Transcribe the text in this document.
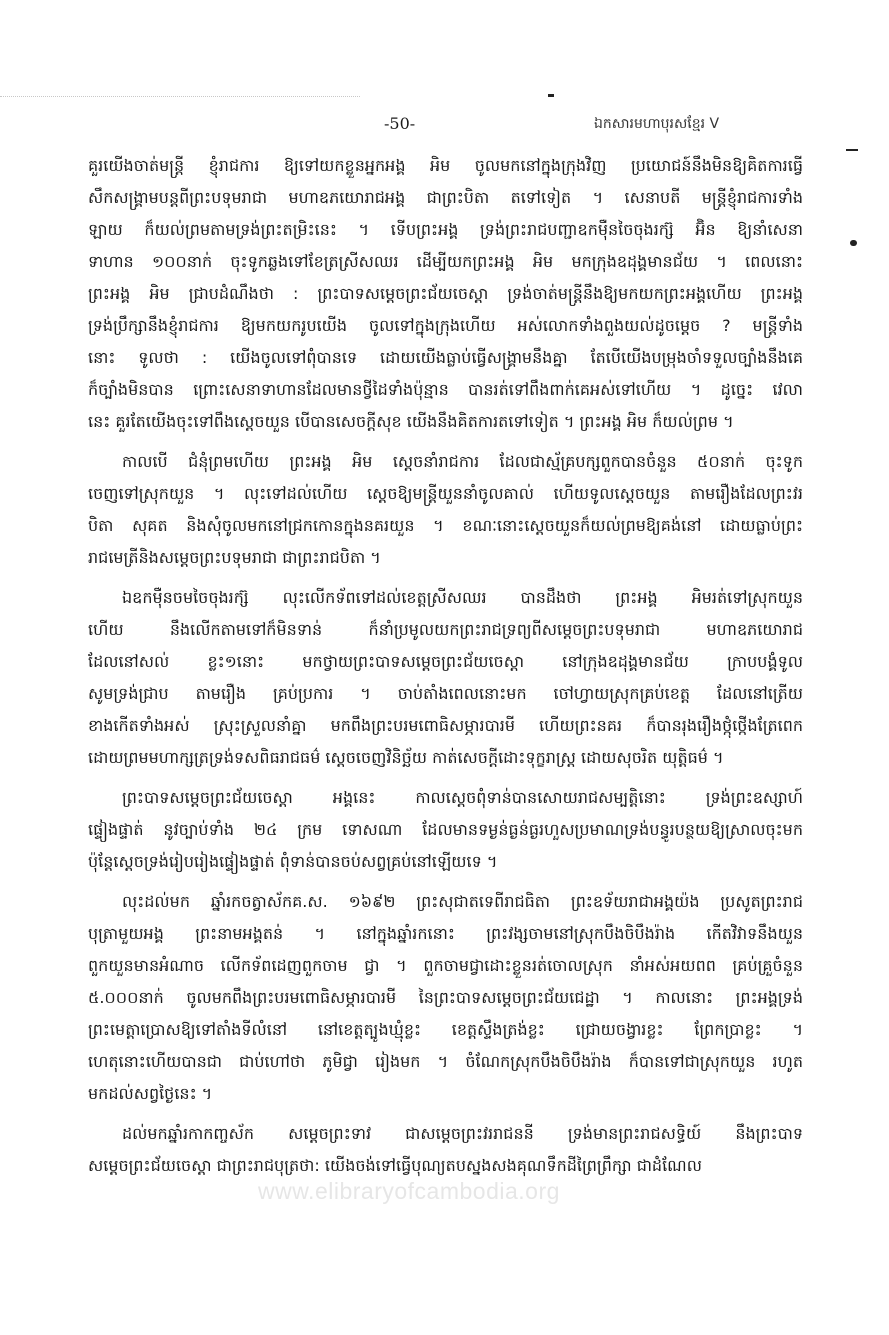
-50-	ឯកសារមហាបុរសខ្មែរ V
គួរយើងចាត់មន្ត្រី ខ្ញុំរាជការ ឱ្យទៅយកខ្លួនអ្នកអង្គ អិម ចូលមកនៅក្នុងក្រុងវិញ ប្រយោជន៍នឹងមិនឱ្យគិតការធ្វើ
សឹកសង្គ្រាមបន្តពីព្រះបទុមរាជា មហាឧភយោរាជអង្គ ជាព្រះបិតា តទៅទៀត ។ សេនាបតី មន្ត្រីខ្ញុំរាជការទាំង
ឡាយ ក៏យល់ព្រមតាមទ្រង់ព្រះតម្រិះនេះ ។ ទើបព្រះអង្គ ទ្រង់ព្រះរាជបញ្ជាឧកម៉ឺនចៃចុងរក្ស៊ អ៊ិន ឱ្យនាំសេនា
ទាហាន ១០០នាក់ ចុះទូកឆ្លងទៅខែត្រស្រីសឈរ ដើម្បីយកព្រះអង្គ អិម មកក្រុងឧដុង្គមានជ័យ ។ ពេលនោះ
ព្រះអង្គ អិម ជ្រាបដំណឹងថា : ព្រះបាទសម្តេចព្រះជ័យចេស្តា ទ្រង់ចាត់មន្ត្រីនឹងឱ្យមកយកព្រះអង្គហើយ ព្រះអង្គ
ទ្រង់ប្រឹក្សានឹងខ្ញុំរាជការ ឱ្យមកយករូបយើង ចូលទៅក្នុងក្រុងហើយ អស់លោកទាំងពួងយល់ដូចម្តេច ? មន្ត្រីទាំង
នោះ ទូលថា : យើងចូលទៅពុំបានទេ ដោយយើងធ្លាប់ធ្វើសង្គ្រាមនឹងគ្នា តែបើយើងបម្រុងចាំទទួលច្បាំងនឹងគេ
ក៏ច្បាំងមិនបាន ព្រោះសេនាទាហានដែលមានថ្វីដៃទាំងប៉ុន្មាន បានរត់ទៅពឹងពាក់គេអស់ទៅហើយ ។ ដូច្នេះ វេលា
នេះ គួរតែយើងចុះទៅពឹងស្តេចយួន បើបានសេចក្តីសុខ យើងនឹងគិតការតទៅទៀត ។ ព្រះអង្គ អិម ក៏យល់ព្រម ។
កាលបើ ជំនុំព្រមហើយ ព្រះអង្គ អិម ស្តេចនាំរាជការ ដែលជាស្ម័គ្របក្សពួកបានចំនួន ៥០នាក់ ចុះទូក
ចេញទៅស្រុកយួន ។ លុះទៅដល់ហើយ ស្តេចឱ្យមន្ត្រីយួននាំចូលគាល់ ហើយទូលស្តេចយួន តាមរឿងដែលព្រះវរ
បិតា សុគត និងសុំចូលមកនៅជ្រកកោនក្នុងនគរយួន ។ ខណៈនោះស្តេចយួនក៏យល់ព្រមឱ្យគង់នៅ ដោយធ្លាប់ព្រះ
រាជមេត្រីនិងសម្តេចព្រះបទុមរាជា ជាព្រះរាជបិតា ។
ឯឧកម៉ឺនចមចៃចុងរក្ស៊ លុះលើកទ័ពទៅដល់ខេត្តស្រីសឈរ បានដឹងថា ព្រះអង្គ អិមរត់ទៅស្រុកយួន
ហើយ នឹងលើកតាមទៅក៏មិនទាន់ ក៏នាំប្រមូលយកព្រះរាជទ្រព្យពីសម្តេចព្រះបទុមរាជា មហាឧភយោរាជ
ដែលនៅសល់ ខ្លះ១នោះ មកថ្វាយព្រះបាទសម្តេចព្រះជ័យចេស្តា នៅក្រុងឧដុង្គមានជ័យ ក្រាបបង្គំទូល
សូមទ្រង់ជ្រាប តាមរឿង គ្រប់ប្រការ ។ ចាប់តាំងពេលនោះមក ចៅហ្វាយស្រុកគ្រប់ខេត្ត ដែលនៅត្រើយ
ខាងកើតទាំងអស់ ស្រុះស្រួលនាំគ្នា មកពឹងព្រះបរមពោធិសម្ភារបារមី ហើយព្រះនគរ ក៏បានរុងរឿងថ្កុំថ្កើងត្រែពេក
ដោយព្រមមហាក្សត្រទ្រង់ទសពិធរាជធម៌ ស្តេចចេញវិនិច្ឆ័យ កាត់សេចក្តីដោះទុក្ខរាស្ត្រ ដោយសុចរិត យុត្តិធម៌ ។
ព្រះបាទសម្តេចព្រះជ័យចេស្តា អង្គនេះ កាលស្តេចពុំទាន់បានសោយរាជសម្បត្តិនោះ ទ្រង់ព្រះឧស្សាហ៍
ផ្ទៀងផ្ទាត់ នូវច្បាប់ទាំង ២៤ ក្រម ទោសណា ដែលមានទម្ងន់ធ្ងន់ធ្ងរហួសប្រមាណទ្រង់បន្ធូរបន្ថយឱ្យស្រាលចុះមក
ប៉ុន្តែស្តេចទ្រង់រៀបរៀងផ្ទៀងផ្ទាត់ ពុំទាន់បានចប់សព្វគ្រប់នៅឡើយទេ ។
លុះដល់មក ឆ្នាំរកចត្វាស័កគ.ស. ១៦៩២ ព្រះសុជាតទេពីរាជធិតា ព្រះឧទ័យរាជាអង្គយ៉ង ប្រសូតព្រះរាជ
បុត្រាមួយអង្គ ព្រះនាមអង្គតន់ ។ នៅក្នុងឆ្នាំរកនោះ ព្រះវង្សចាមនៅស្រុកបឹងចិបឹងរ៉ាង កើតវិវាទនឹងយួន
ពួកយួនមានអំណាច លើកទ័ពដេញពួកចាម ជ្វា ។ ពួកចាមជ្វាដោះខ្លួនរត់ចោលស្រុក នាំអស់អយពព គ្រប់គ្រួចំនួន
៥.០០០នាក់ ចូលមកពឹងព្រះបរមពោធិសម្ភារបារមី នៃព្រះបាទសម្តេចព្រះជ័យជេដ្ឋា ។ កាលនោះ ព្រះអង្គទ្រង់
ព្រះមេត្តាប្រោសឱ្យទៅតាំងទីលំនៅ នៅខេត្តត្បូងឃ្មុំខ្លះ ខេត្តស្ទឹងត្រង់ខ្លះ ជ្រោយចង្វារខ្លះ ព្រែកប្រាខ្លះ ។
ហេតុនោះហើយបានជា ជាប់ហៅថា ភូមិជ្វា រៀងមក ។ ចំណែកស្រុកបឹងចិបឹងរ៉ាង ក៏បានទៅជាស្រុកយួន រហូត
មកដល់សព្វថ្ងៃនេះ ។
ដល់មកឆ្នាំរកាកញ្ចស័ក សម្តេចព្រះទាវ ជាសម្តេចព្រះវររាជននី ទ្រង់មានព្រះរាជសទ្ធិយ៍ នឹងព្រះបាទ
សម្តេចព្រះជ័យចេស្តា ជាព្រះរាជបុត្រថា: យើងចង់ទៅធ្វើបុណ្យតបស្នងសងគុណទឹកដីព្រៃព្រឹក្សា ជាដំណែល
www.elibraryofcambodia.org
